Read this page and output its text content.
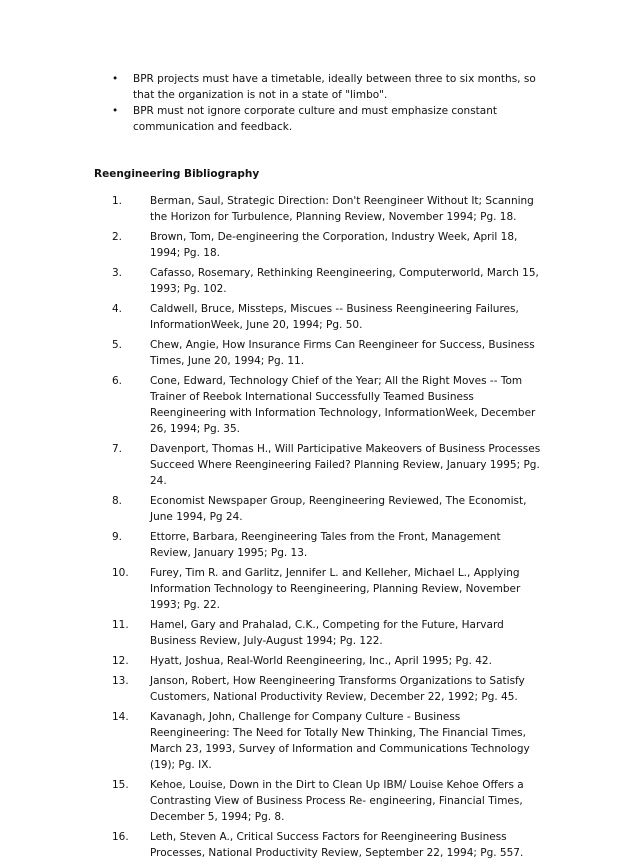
• BPR projects must have a timetable, ideally between three to six months, so that the organization is not in a state of "limbo".
• BPR must not ignore corporate culture and must emphasize constant communication and feedback.
Reengineering Bibliography
1.	Berman, Saul, Strategic Direction: Don't Reengineer Without It; Scanning the Horizon for Turbulence, Planning Review, November 1994; Pg. 18.
2.	Brown, Tom, De-engineering the Corporation, Industry Week, April 18, 1994; Pg. 18.
3.	Cafasso, Rosemary, Rethinking Reengineering, Computerworld, March 15, 1993; Pg. 102.
4.	Caldwell, Bruce, Missteps, Miscues -- Business Reengineering Failures, InformationWeek, June 20, 1994; Pg. 50.
5.	Chew, Angie, How Insurance Firms Can Reengineer for Success, Business Times, June 20, 1994; Pg. 11.
6.	Cone, Edward, Technology Chief of the Year; All the Right Moves -- Tom Trainer of Reebok International Successfully Teamed Business Reengineering with Information Technology, InformationWeek, December 26, 1994; Pg. 35.
7.	Davenport, Thomas H., Will Participative Makeovers of Business Processes Succeed Where Reengineering Failed? Planning Review, January 1995; Pg. 24.
8.	Economist Newspaper Group, Reengineering Reviewed, The Economist, June 1994, Pg 24.
9.	Ettorre, Barbara, Reengineering Tales from the Front, Management Review, January 1995; Pg. 13.
10. Furey, Tim R. and Garlitz, Jennifer L. and Kelleher, Michael L., Applying Information Technology to Reengineering, Planning Review, November 1993; Pg. 22.
11. Hamel, Gary and Prahalad, C.K., Competing for the Future, Harvard Business Review, July-August 1994; Pg. 122.
12. Hyatt, Joshua, Real-World Reengineering, Inc., April 1995; Pg. 42.
13. Janson, Robert, How Reengineering Transforms Organizations to Satisfy Customers, National Productivity Review, December 22, 1992; Pg. 45.
14. Kavanagh, John, Challenge for Company Culture - Business Reengineering: The Need for Totally New Thinking, The Financial Times, March 23, 1993, Survey of Information and Communications Technology (19); Pg. IX.
15. Kehoe, Louise, Down in the Dirt to Clean Up IBM/ Louise Kehoe Offers a Contrasting View of Business Process Re- engineering, Financial Times, December 5, 1994; Pg. 8.
16. Leth, Steven A., Critical Success Factors for Reengineering Business Processes, National Productivity Review, September 22, 1994; Pg. 557.
